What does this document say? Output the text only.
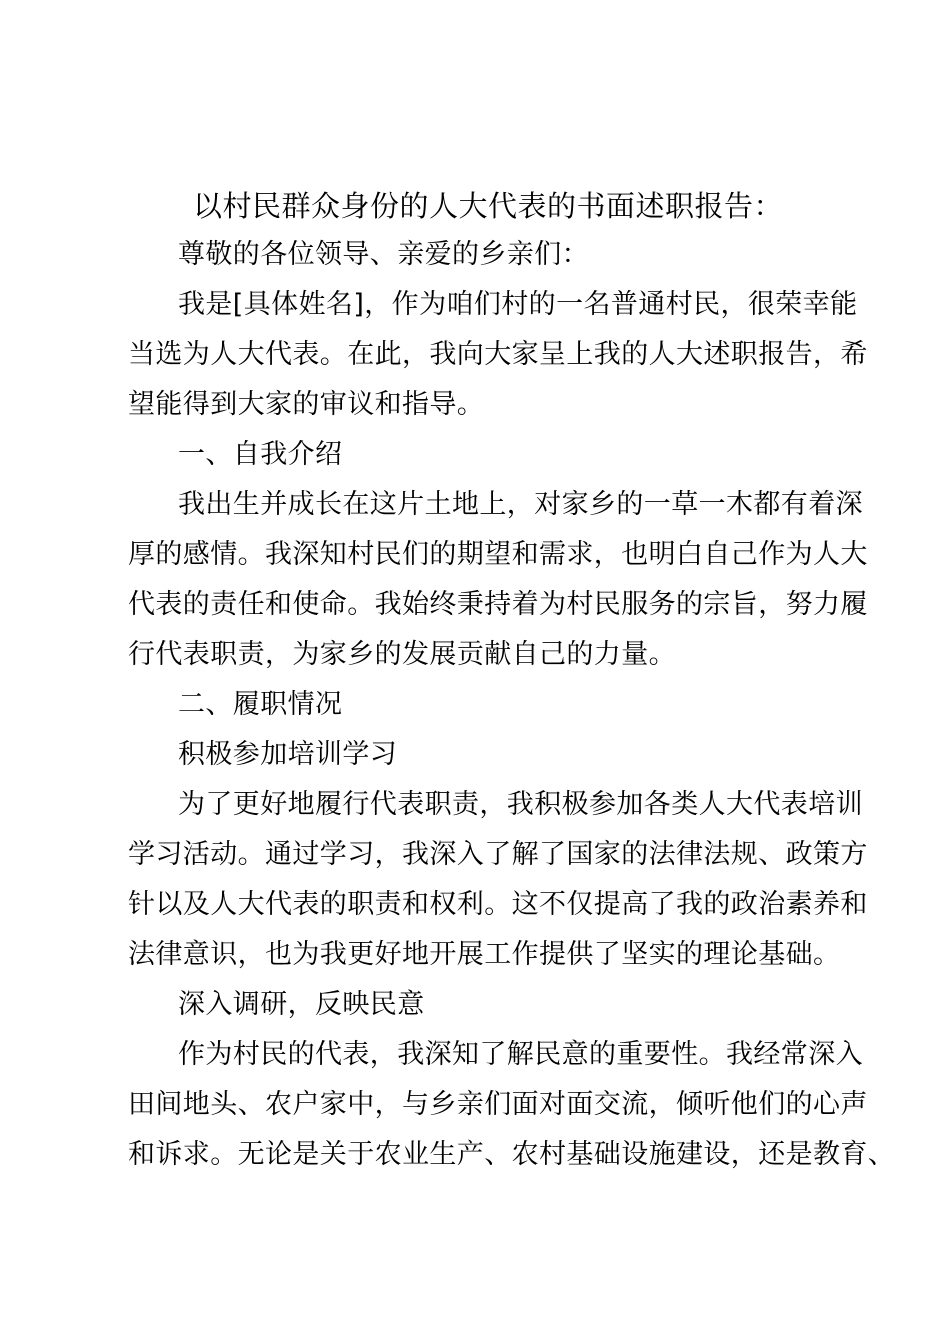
以村民群众身份的人大代表的书面述职报告：
尊敬的各位领导、亲爱的乡亲们：
我是[具体姓名]，作为咱们村的一名普通村民，很荣幸能
当选为人大代表。在此，我向大家呈上我的人大述职报告，希
望能得到大家的审议和指导。
一、自我介绍
我出生并成长在这片土地上，对家乡的一草一木都有着深
厚的感情。我深知村民们的期望和需求，也明白自己作为人大
代表的责任和使命。我始终秉持着为村民服务的宗旨，努力履
行代表职责，为家乡的发展贡献自己的力量。
二、履职情况
积极参加培训学习
为了更好地履行代表职责，我积极参加各类人大代表培训
学习活动。通过学习，我深入了解了国家的法律法规、政策方
针以及人大代表的职责和权利。这不仅提高了我的政治素养和
法律意识，也为我更好地开展工作提供了坚实的理论基础。
深入调研，反映民意
作为村民的代表，我深知了解民意的重要性。我经常深入
田间地头、农户家中，与乡亲们面对面交流，倾听他们的心声
和诉求。无论是关于农业生产、农村基础设施建设，还是教育、
